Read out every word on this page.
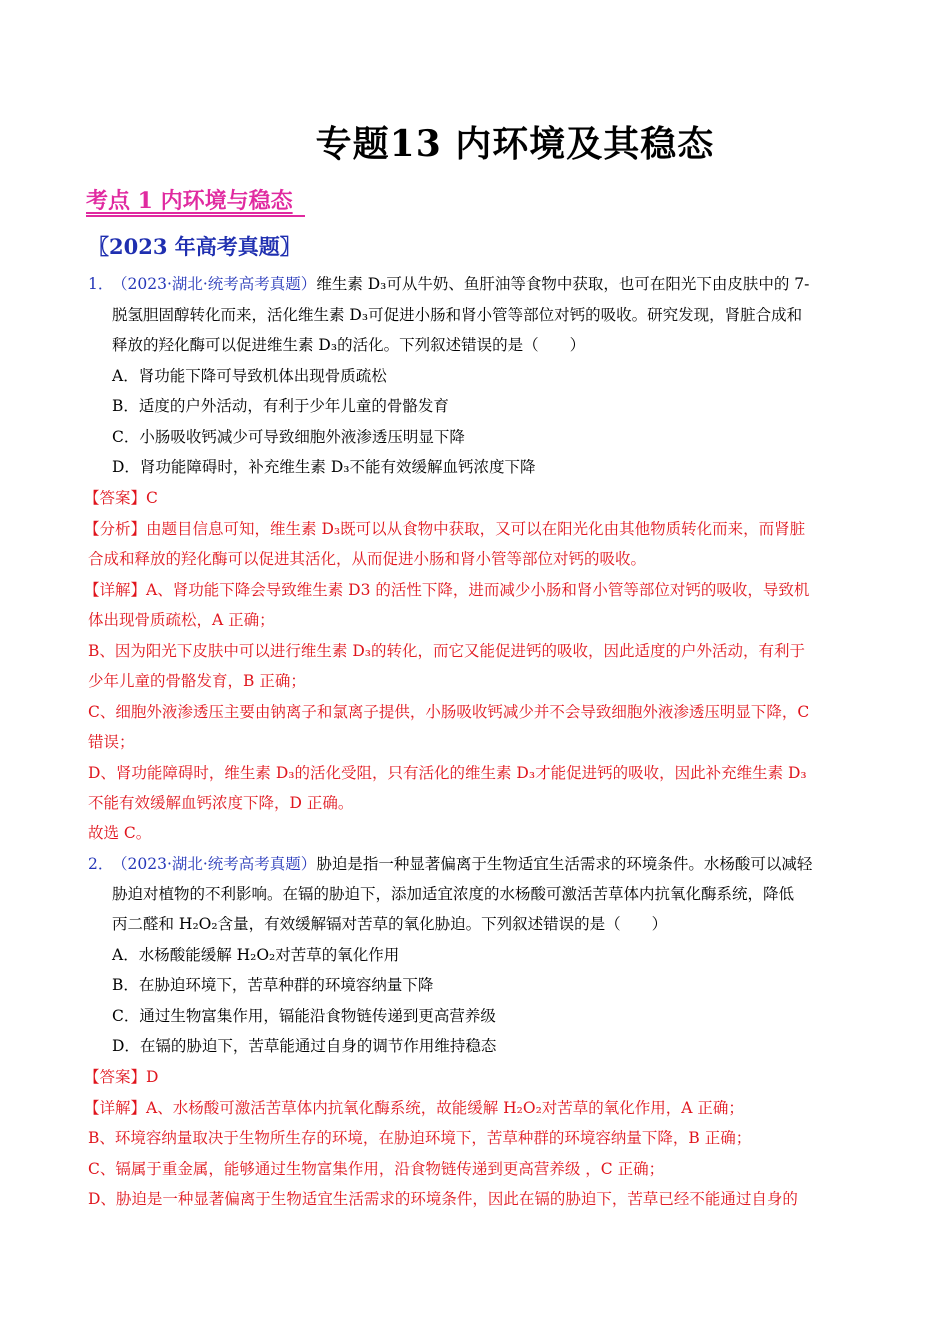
专题13 内环境及其稳态
考点 1 内环境与稳态
〖2023 年高考真题〗
1．（2023·湖北·统考高考真题）维生素 D₃可从牛奶、鱼肝油等食物中获取，也可在阳光下由皮肤中的 7-
脱氢胆固醇转化而来，活化维生素 D₃可促进小肠和肾小管等部位对钙的吸收。研究发现，肾脏合成和
释放的羟化酶可以促进维生素 D₃的活化。下列叙述错误的是（　　）
A．肾功能下降可导致机体出现骨质疏松
B．适度的户外活动，有利于少年儿童的骨骼发育
C．小肠吸收钙减少可导致细胞外液渗透压明显下降
D．肾功能障碍时，补充维生素 D₃不能有效缓解血钙浓度下降
【答案】C
【分析】由题目信息可知，维生素 D₃既可以从食物中获取，又可以在阳光化由其他物质转化而来，而肾脏
合成和释放的羟化酶可以促进其活化，从而促进小肠和肾小管等部位对钙的吸收。
【详解】A、肾功能下降会导致维生素 D3 的活性下降，进而减少小肠和肾小管等部位对钙的吸收，导致机
体出现骨质疏松，A 正确；
B、因为阳光下皮肤中可以进行维生素 D₃的转化，而它又能促进钙的吸收，因此适度的户外活动，有利于
少年儿童的骨骼发育，B 正确；
C、细胞外液渗透压主要由钠离子和氯离子提供，小肠吸收钙减少并不会导致细胞外液渗透压明显下降，C
错误；
D、肾功能障碍时，维生素 D₃的活化受阻，只有活化的维生素 D₃才能促进钙的吸收，因此补充维生素 D₃
不能有效缓解血钙浓度下降，D 正确。
故选 C。
2．（2023·湖北·统考高考真题）胁迫是指一种显著偏离于生物适宜生活需求的环境条件。水杨酸可以减轻
胁迫对植物的不利影响。在镉的胁迫下，添加适宜浓度的水杨酸可激活苦草体内抗氧化酶系统，降低
丙二醛和 H₂O₂含量，有效缓解镉对苦草的氧化胁迫。下列叙述错误的是（　　）
A．水杨酸能缓解 H₂O₂对苦草的氧化作用
B．在胁迫环境下，苦草种群的环境容纳量下降
C．通过生物富集作用，镉能沿食物链传递到更高营养级
D．在镉的胁迫下，苦草能通过自身的调节作用维持稳态
【答案】D
【详解】A、水杨酸可激活苦草体内抗氧化酶系统，故能缓解 H₂O₂对苦草的氧化作用，A 正确；
B、环境容纳量取决于生物所生存的环境，在胁迫环境下，苦草种群的环境容纳量下降，B 正确；
C、镉属于重金属，能够通过生物富集作用，沿食物链传递到更高营养级 ，C 正确；
D、胁迫是一种显著偏离于生物适宜生活需求的环境条件，因此在镉的胁迫下，苦草已经不能通过自身的
